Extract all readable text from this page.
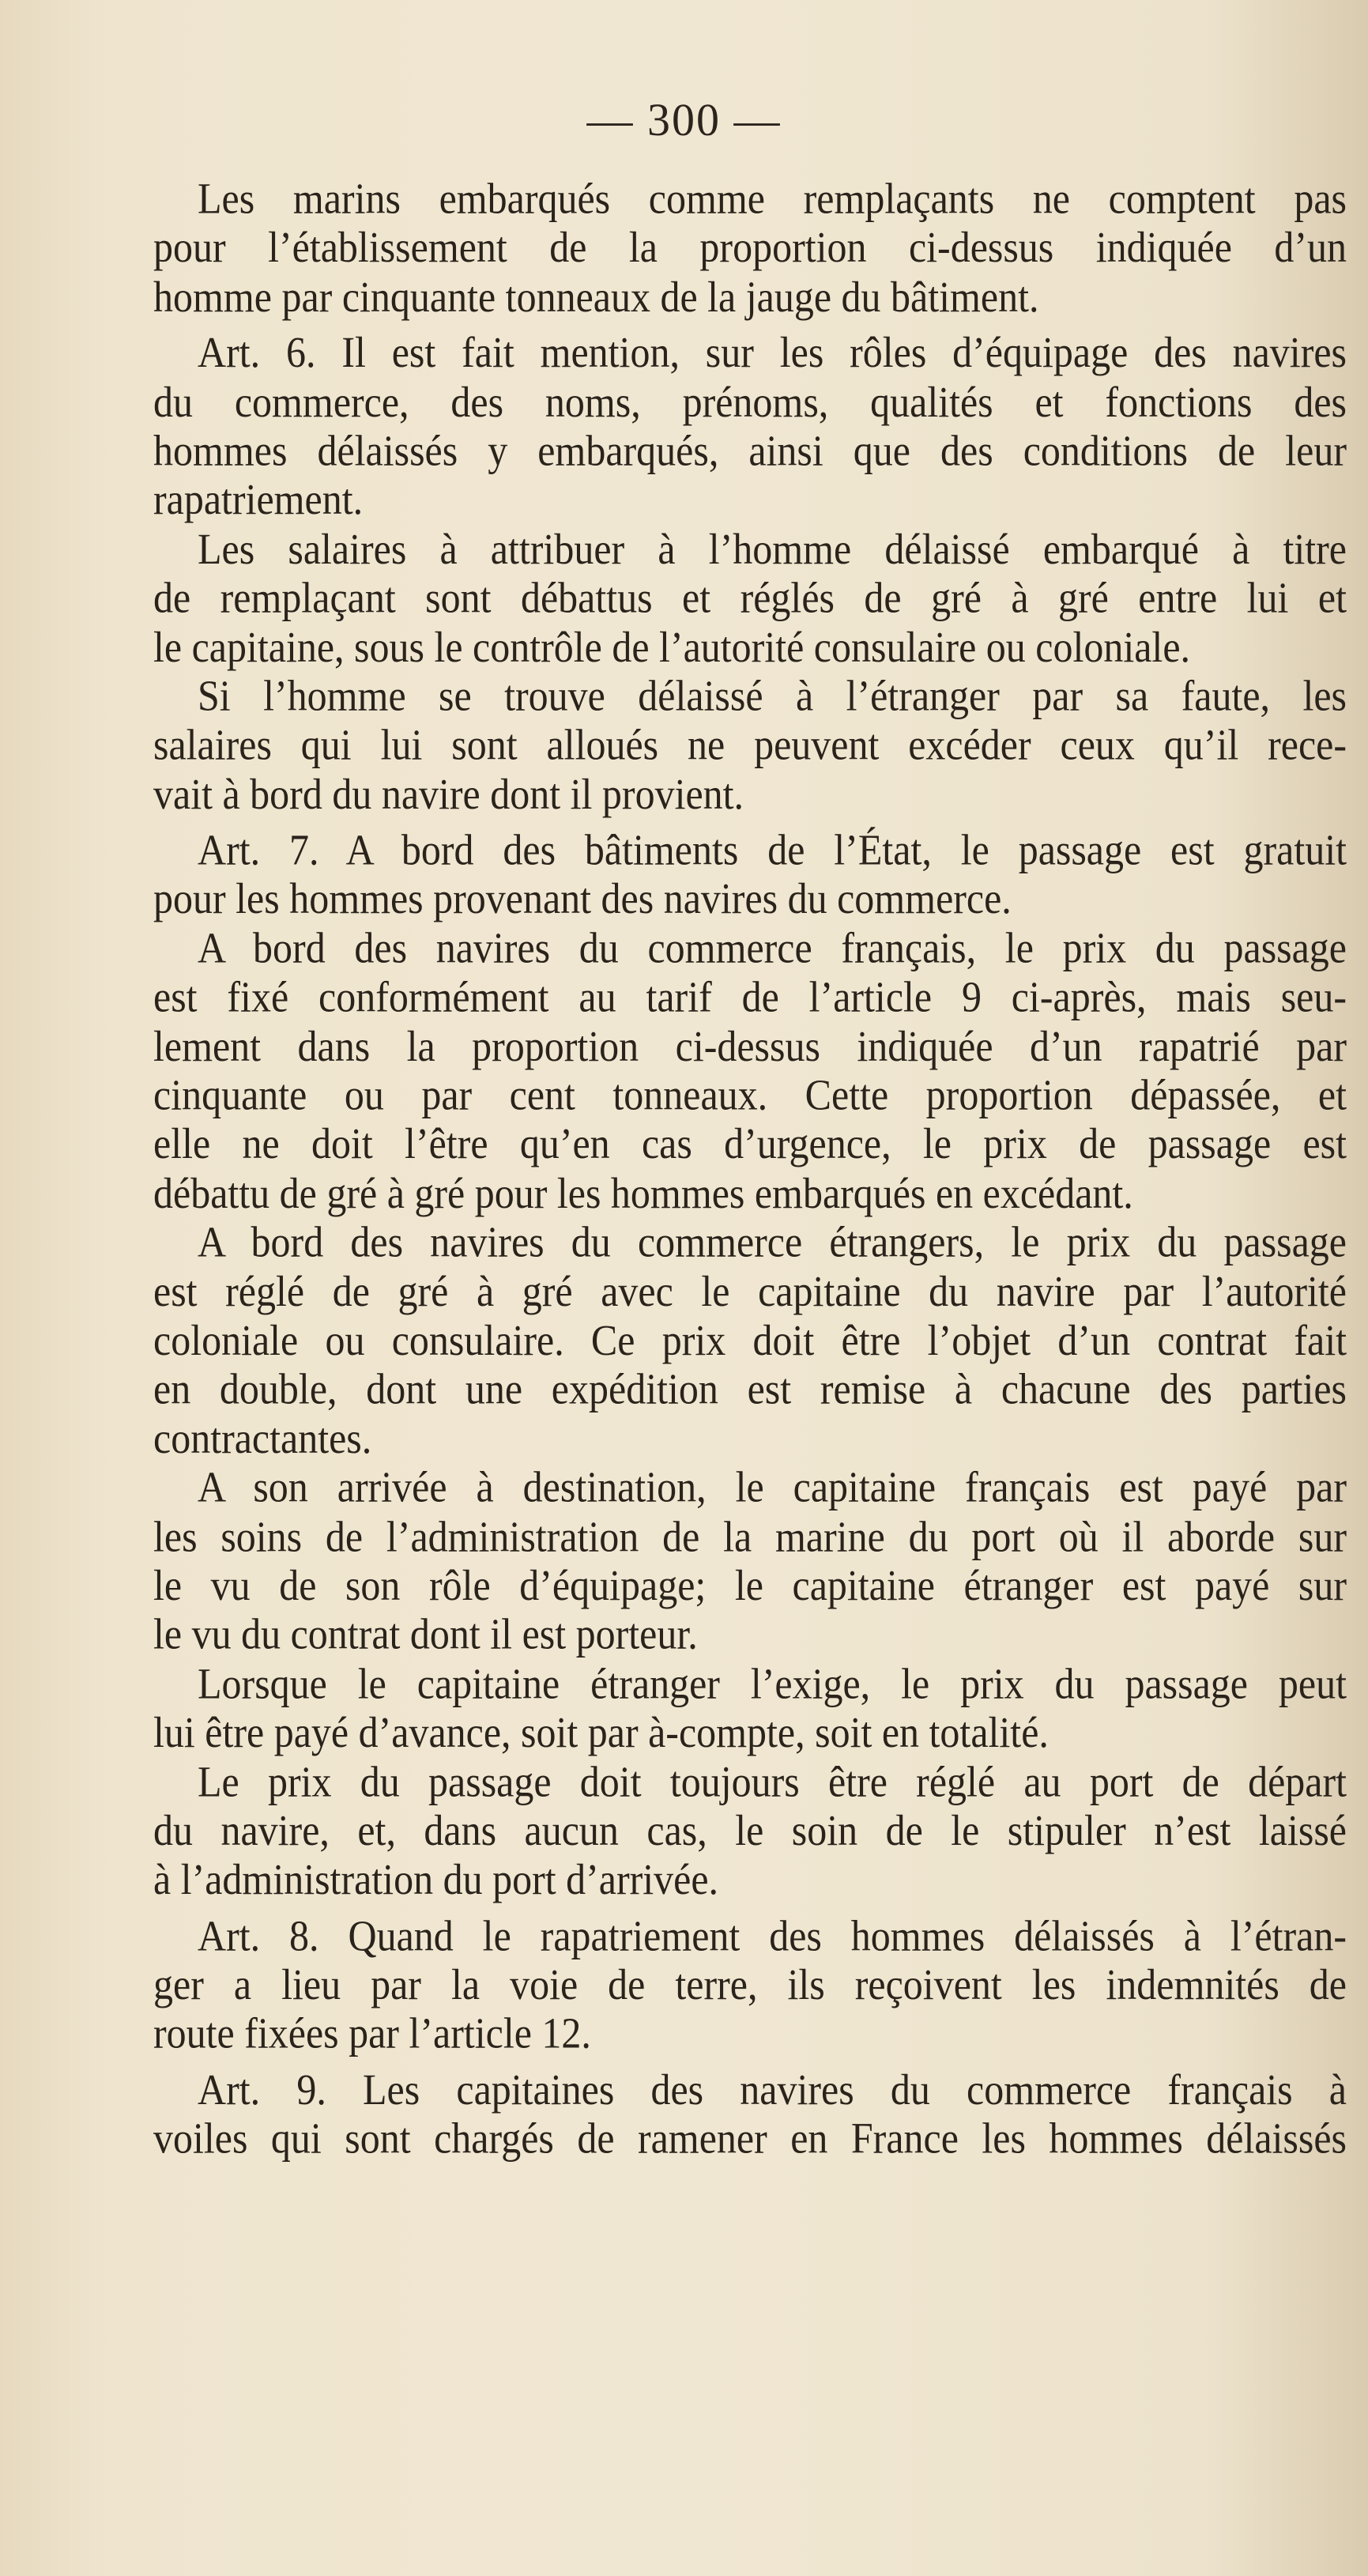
— 300 —
Les marins embarqués comme remplaçants ne comptent pas
pour l’établissement de la proportion ci-dessus indiquée d’un
homme par cinquante tonneaux de la jauge du bâtiment.
Art. 6. Il est fait mention, sur les rôles d’équipage des navires
du commerce, des noms, prénoms, qualités et fonctions des
hommes délaissés y embarqués, ainsi que des conditions de leur
rapatriement.
Les salaires à attribuer à l’homme délaissé embarqué à titre
de remplaçant sont débattus et réglés de gré à gré entre lui et
le capitaine, sous le contrôle de l’autorité consulaire ou coloniale.
Si l’homme se trouve délaissé à l’étranger par sa faute, les
salaires qui lui sont alloués ne peuvent excéder ceux qu’il rece-
vait à bord du navire dont il provient.
Art. 7. A bord des bâtiments de l’État, le passage est gratuit
pour les hommes provenant des navires du commerce.
A bord des navires du commerce français, le prix du passage
est fixé conformément au tarif de l’article 9 ci-après, mais seu-
lement dans la proportion ci-dessus indiquée d’un rapatrié par
cinquante ou par cent tonneaux. Cette proportion dépassée, et
elle ne doit l’être qu’en cas d’urgence, le prix de passage est
débattu de gré à gré pour les hommes embarqués en excédant.
A bord des navires du commerce étrangers, le prix du passage
est réglé de gré à gré avec le capitaine du navire par l’autorité
coloniale ou consulaire. Ce prix doit être l’objet d’un contrat fait
en double, dont une expédition est remise à chacune des parties
contractantes.
A son arrivée à destination, le capitaine français est payé par
les soins de l’administration de la marine du port où il aborde sur
le vu de son rôle d’équipage; le capitaine étranger est payé sur
le vu du contrat dont il est porteur.
Lorsque le capitaine étranger l’exige, le prix du passage peut
lui être payé d’avance, soit par à-compte, soit en totalité.
Le prix du passage doit toujours être réglé au port de départ
du navire, et, dans aucun cas, le soin de le stipuler n’est laissé
à l’administration du port d’arrivée.
Art. 8. Quand le rapatriement des hommes délaissés à l’étran-
ger a lieu par la voie de terre, ils reçoivent les indemnités de
route fixées par l’article 12.
Art. 9. Les capitaines des navires du commerce français à
voiles qui sont chargés de ramener en France les hommes délaissés
